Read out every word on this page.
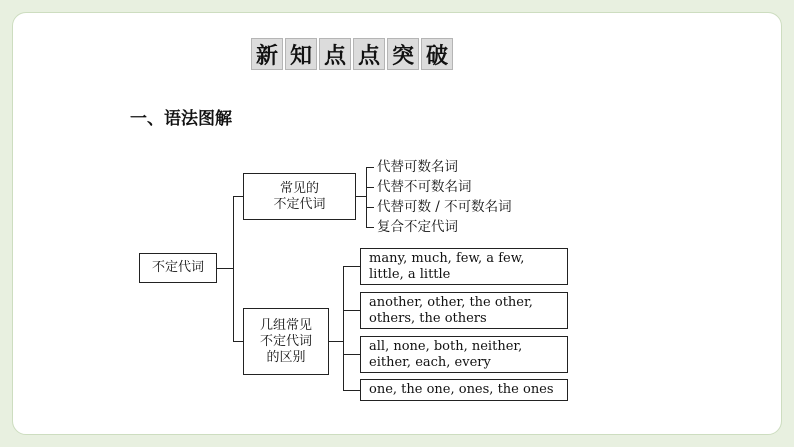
新 知 点 点 突 破
一、语法图解
不定代词
常见的
不定代词
代替可数名词
代替不可数名词
代替可数 / 不可数名词
复合不定代词
几组常见
不定代词
的区别
many, much, few, a few,
little, a little
another, other, the other,
others, the others
all, none, both, neither,
either, each, every
one, the one, ones, the ones
